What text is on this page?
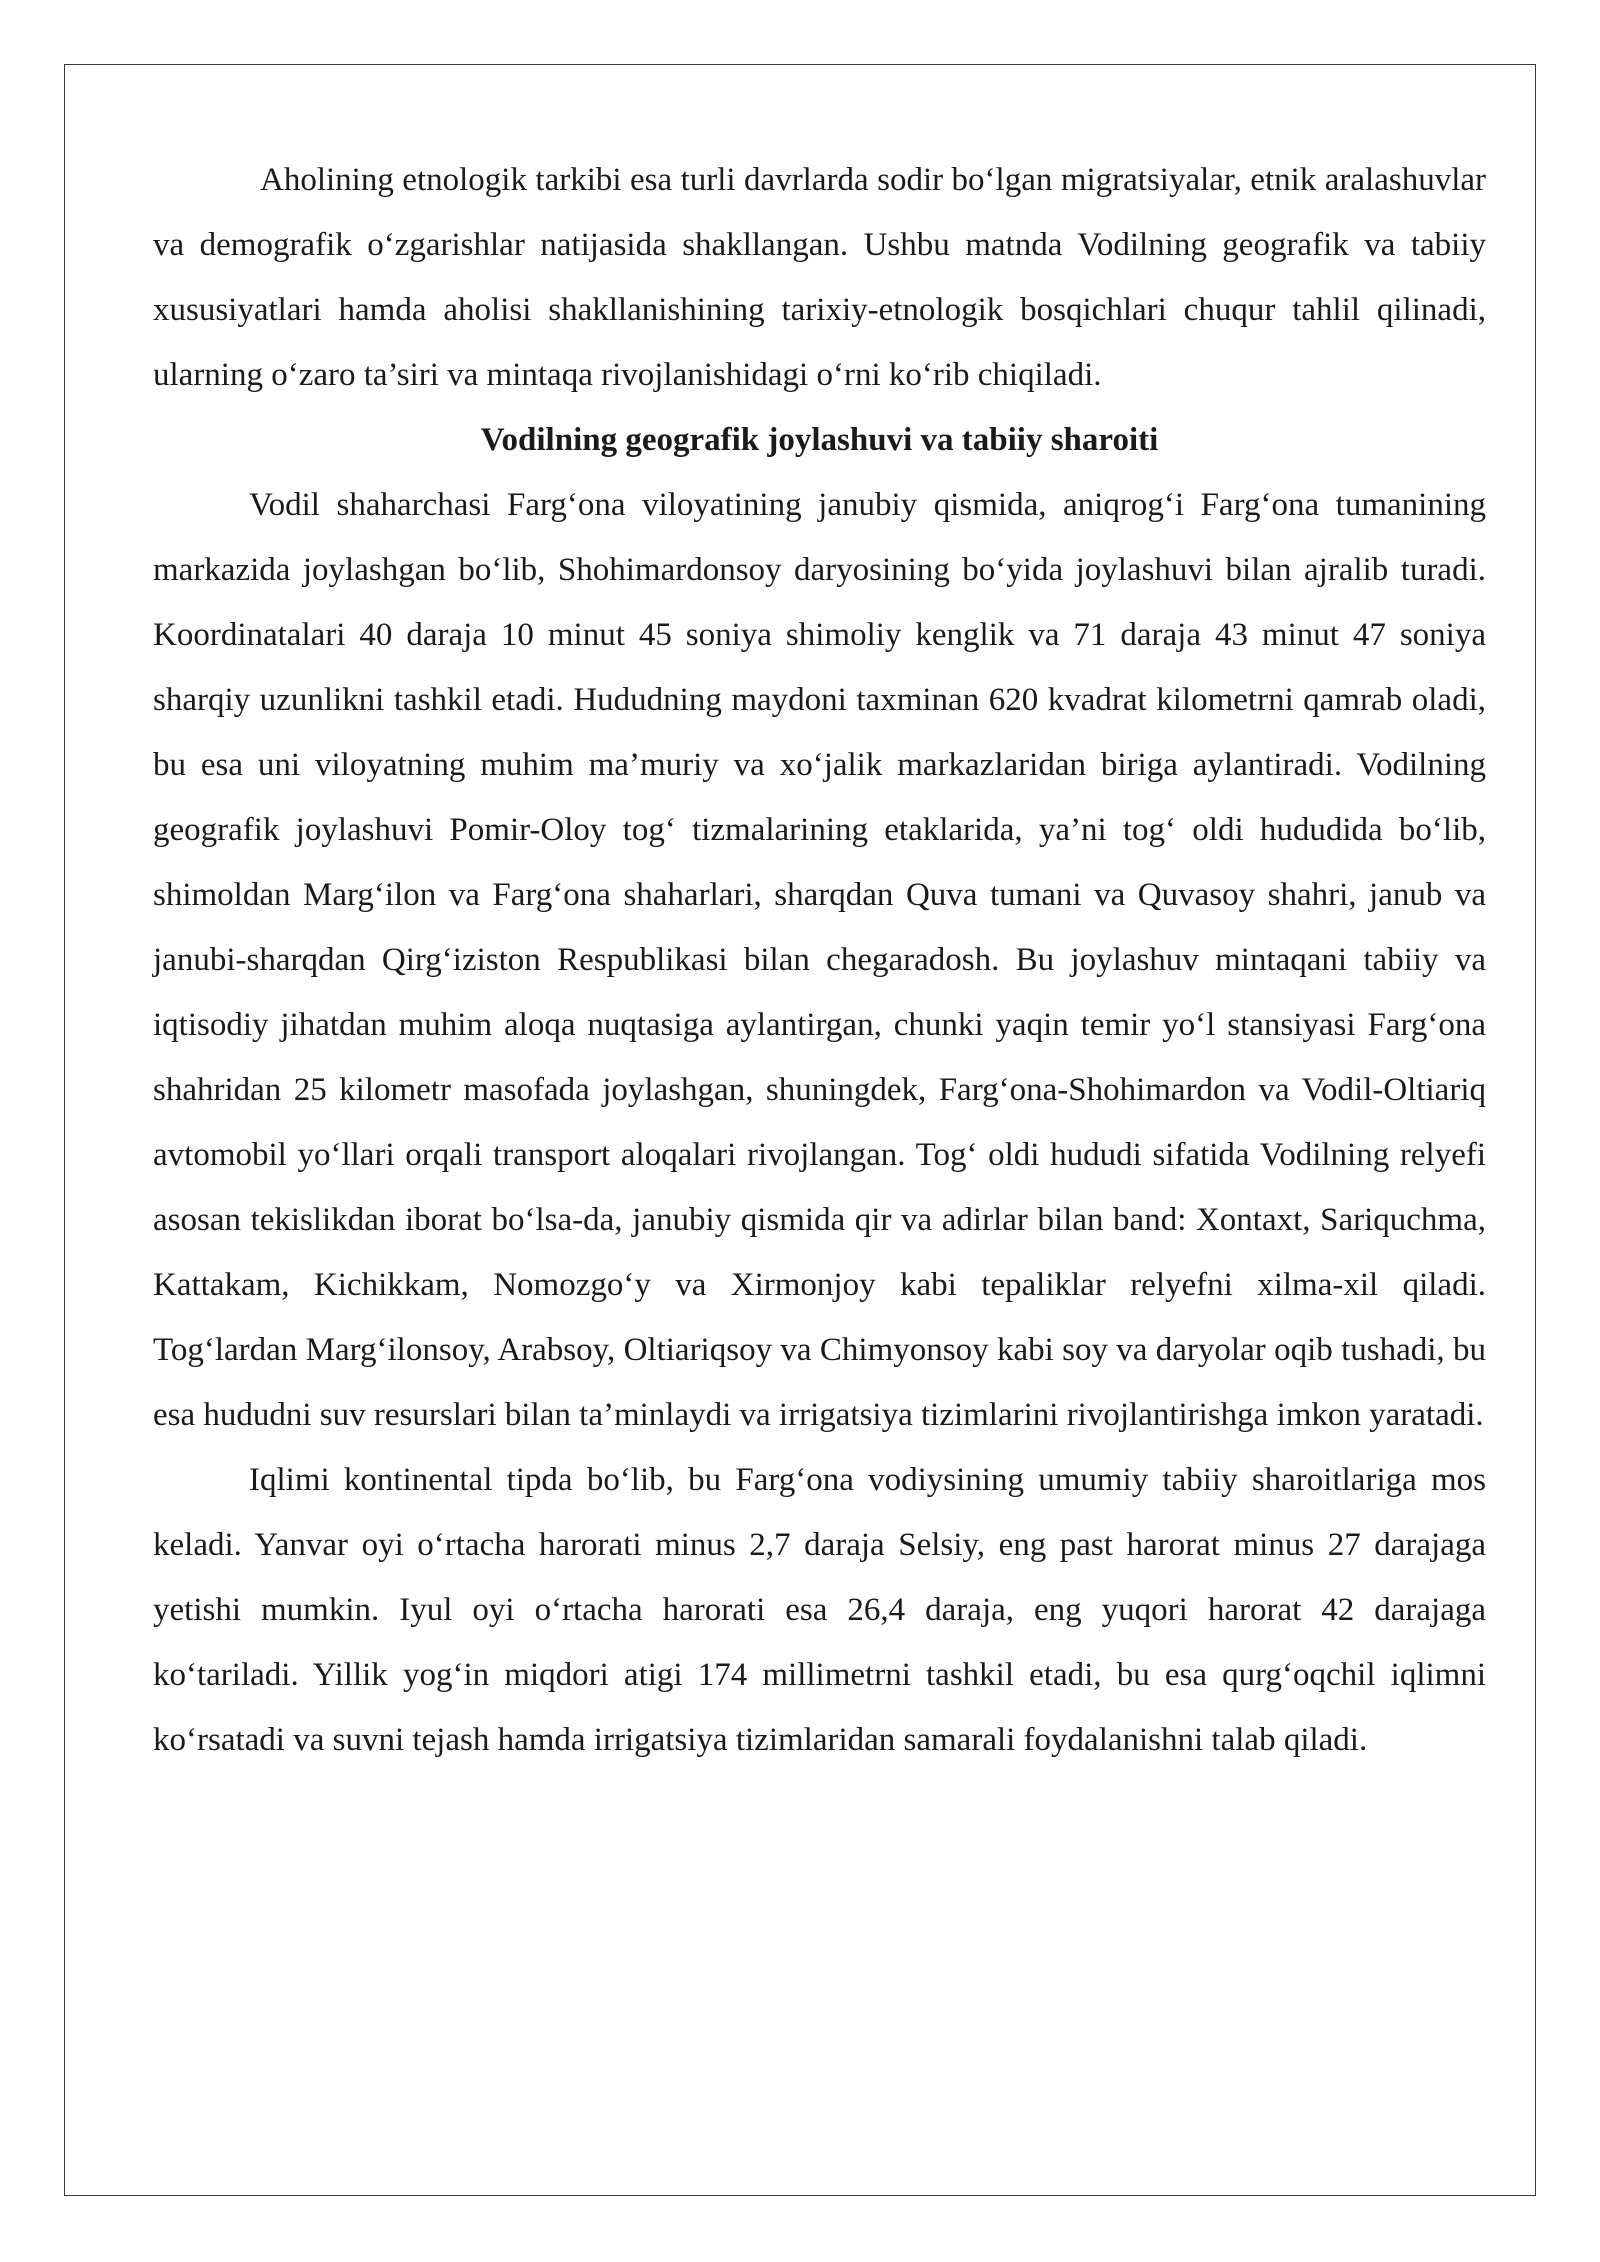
Aholining etnologik tarkibi esa turli davrlarda sodir bo‘lgan migratsiyalar, etnik aralashuvlar va demografik o‘zgarishlar natijasida shakllangan. Ushbu matnda Vodilning geografik va tabiiy xususiyatlari hamda aholisi shakllanishining tarixiy-etnologik bosqichlari chuqur tahlil qilinadi, ularning o‘zaro ta’siri va mintaqa rivojlanishidagi o‘rni ko‘rib chiqiladi.

Vodilning geografik joylashuvi va tabiiy sharoiti

Vodil shaharchasi Farg‘ona viloyatining janubiy qismida, aniqrog‘i Farg‘ona tumanining markazida joylashgan bo‘lib, Shohimardonsoy daryosining bo‘yida joylashuvi bilan ajralib turadi. Koordinatalari 40 daraja 10 minut 45 soniya shimoliy kenglik va 71 daraja 43 minut 47 soniya sharqiy uzunlikni tashkil etadi. Hududning maydoni taxminan 620 kvadrat kilometrni qamrab oladi, bu esa uni viloyatning muhim ma’muriy va xo‘jalik markazlaridan biriga aylantiradi. Vodilning geografik joylashuvi Pomir-Oloy tog‘ tizmalarining etaklarida, ya’ni tog‘ oldi hududida bo‘lib, shimoldan Marg‘ilon va Farg‘ona shaharlari, sharqdan Quva tumani va Quvasoy shahri, janub va janubi-sharqdan Qirg‘iziston Respublikasi bilan chegaradosh. Bu joylashuv mintaqani tabiiy va iqtisodiy jihatdan muhim aloqa nuqtasiga aylantirgan, chunki yaqin temir yo‘l stansiyasi Farg‘ona shahridan 25 kilometr masofada joylashgan, shuningdek, Farg‘ona-Shohimardon va Vodil-Oltiariq avtomobil yo‘llari orqali transport aloqalari rivojlangan. Tog‘ oldi hududi sifatida Vodilning relyefi asosan tekislikdan iborat bo‘lsa-da, janubiy qismida qir va adirlar bilan band: Xontaxt, Sariquchma, Kattakam, Kichikkam, Nomozgo‘y va Xirmonjoy kabi tepaliklar relyefni xilma-xil qiladi. Tog‘lardan Marg‘ilonsoy, Arabsoy, Oltiariqsoy va Chimyonsoy kabi soy va daryolar oqib tushadi, bu esa hududni suv resurslari bilan ta’minlaydi va irrigatsiya tizimlarini rivojlantirishga imkon yaratadi.

Iqlimi kontinental tipda bo‘lib, bu Farg‘ona vodiysining umumiy tabiiy sharoitlariga mos keladi. Yanvar oyi o‘rtacha harorati minus 2,7 daraja Selsiy, eng past harorat minus 27 darajaga yetishi mumkin. Iyul oyi o‘rtacha harorati esa 26,4 daraja, eng yuqori harorat 42 darajaga ko‘tariladi. Yillik yog‘in miqdori atigi 174 millimetrni tashkil etadi, bu esa qurg‘oqchil iqlimni ko‘rsatadi va suvni tejash hamda irrigatsiya tizimlaridan samarali foydalanishni talab qiladi.
